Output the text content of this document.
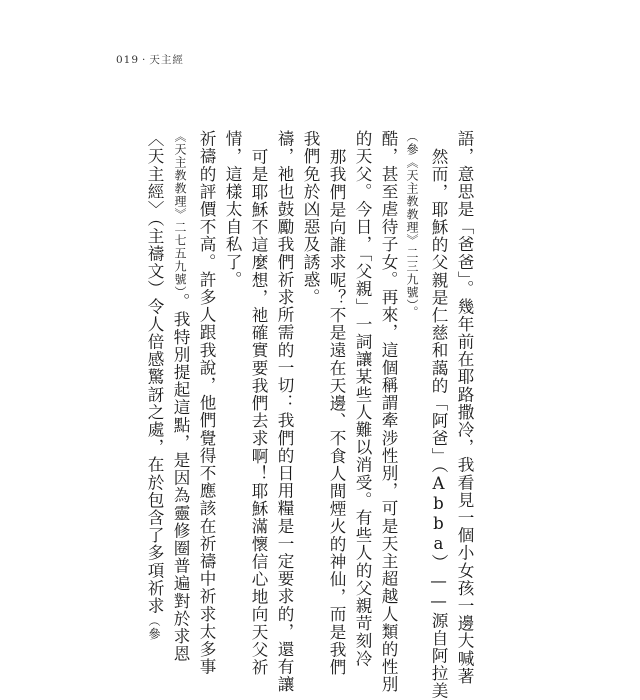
019 · 天主經
〈天主經〉（主禱文）令人倍感驚訝之處，在於包含了多項祈求（參
《天主教教理》二七五九號）。我特別提起這點，是因為靈修圈普遍對於求恩 祈禱的評價不高。許多人跟我說，他們覺得不應該在祈禱中祈求太多事 情，這樣太自私了。 可是耶穌不這麼想，祂確實要我們去求啊！耶穌滿懷信心地向天父祈 禱，祂也鼓勵我們祈求所需的一切：我們的日用糧是一定要求的，還有讓 我們免於凶惡及誘惑。 那我們是向誰求呢？不是遠在天邊、不食人間煙火的神仙，而是我們 的天父。今日，「父親」一詞讓某些人難以消受。有些人的父親苛刻冷 酷，甚至虐待子女。再來，這個稱謂牽涉性別，可是天主超越人類的性別 （參《天主教教理》二三九號）。 然而，耶穌的父親是仁慈和藹的「阿爸」（Abba）——源自阿拉美 語，意思是「爸爸」。幾年前在耶路撒冷，我看見一個小女孩一邊大喊著
